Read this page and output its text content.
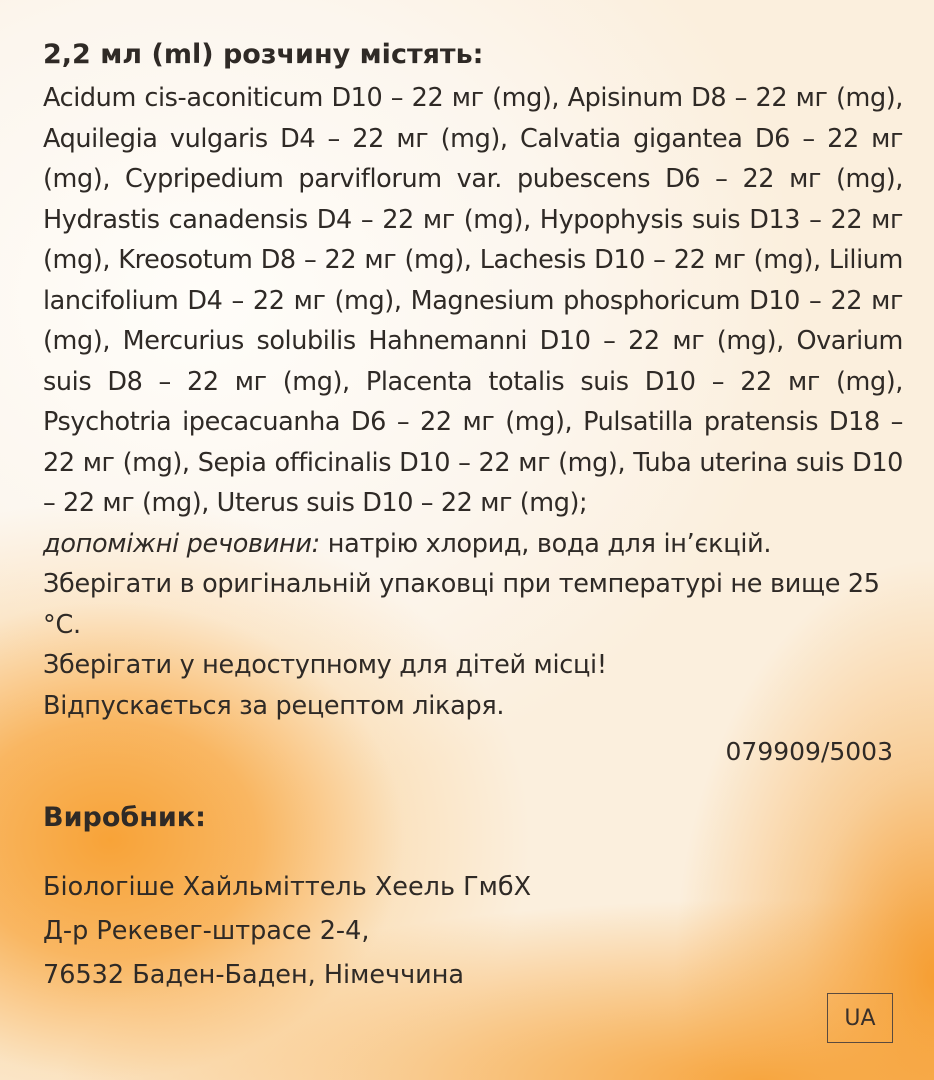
2,2 мл (ml) розчину містять:

Acidum cis-aconiticum D10 – 22 мг (mg), Apisinum D8 – 22 мг (mg), Aquilegia vulgaris D4 – 22 мг (mg), Calvatia gigantea D6 – 22 мг (mg), Cypripedium parviflorum var. pubescens D6 – 22 мг (mg), Hydrastis canadensis D4 – 22 мг (mg), Hypophysis suis D13 – 22 мг (mg), Kreosotum D8 – 22 мг (mg), Lachesis D10 – 22 мг (mg), Lilium lancifolium D4 – 22 мг (mg), Magnesium phosphoricum D10 – 22 мг (mg), Mercurius solubilis Hahnemanni D10 – 22 мг (mg), Ovarium suis D8 – 22 мг (mg), Placenta totalis suis D10 – 22 мг (mg), Psychotria ipecacuanha D6 – 22 мг (mg), Pulsatilla pratensis D18 – 22 мг (mg), Sepia officinalis D10 – 22 мг (mg), Tuba uterina suis D10 – 22 мг (mg), Uterus suis D10 – 22 мг (mg);

допоміжні речовини: натрію хлорид, вода для ін’єкцій.

Зберігати в оригінальній упаковці при температурі не вище 25 °C.

Зберігати у недоступному для дітей місці!

Відпускається за рецептом лікаря.

079909/5003

Виробник:

Біологіше Хайльміттель Хеель ГмбХ

Д-р Рекевег-штрасе 2-4,

76532 Баден-Баден, Німеччина

UA
